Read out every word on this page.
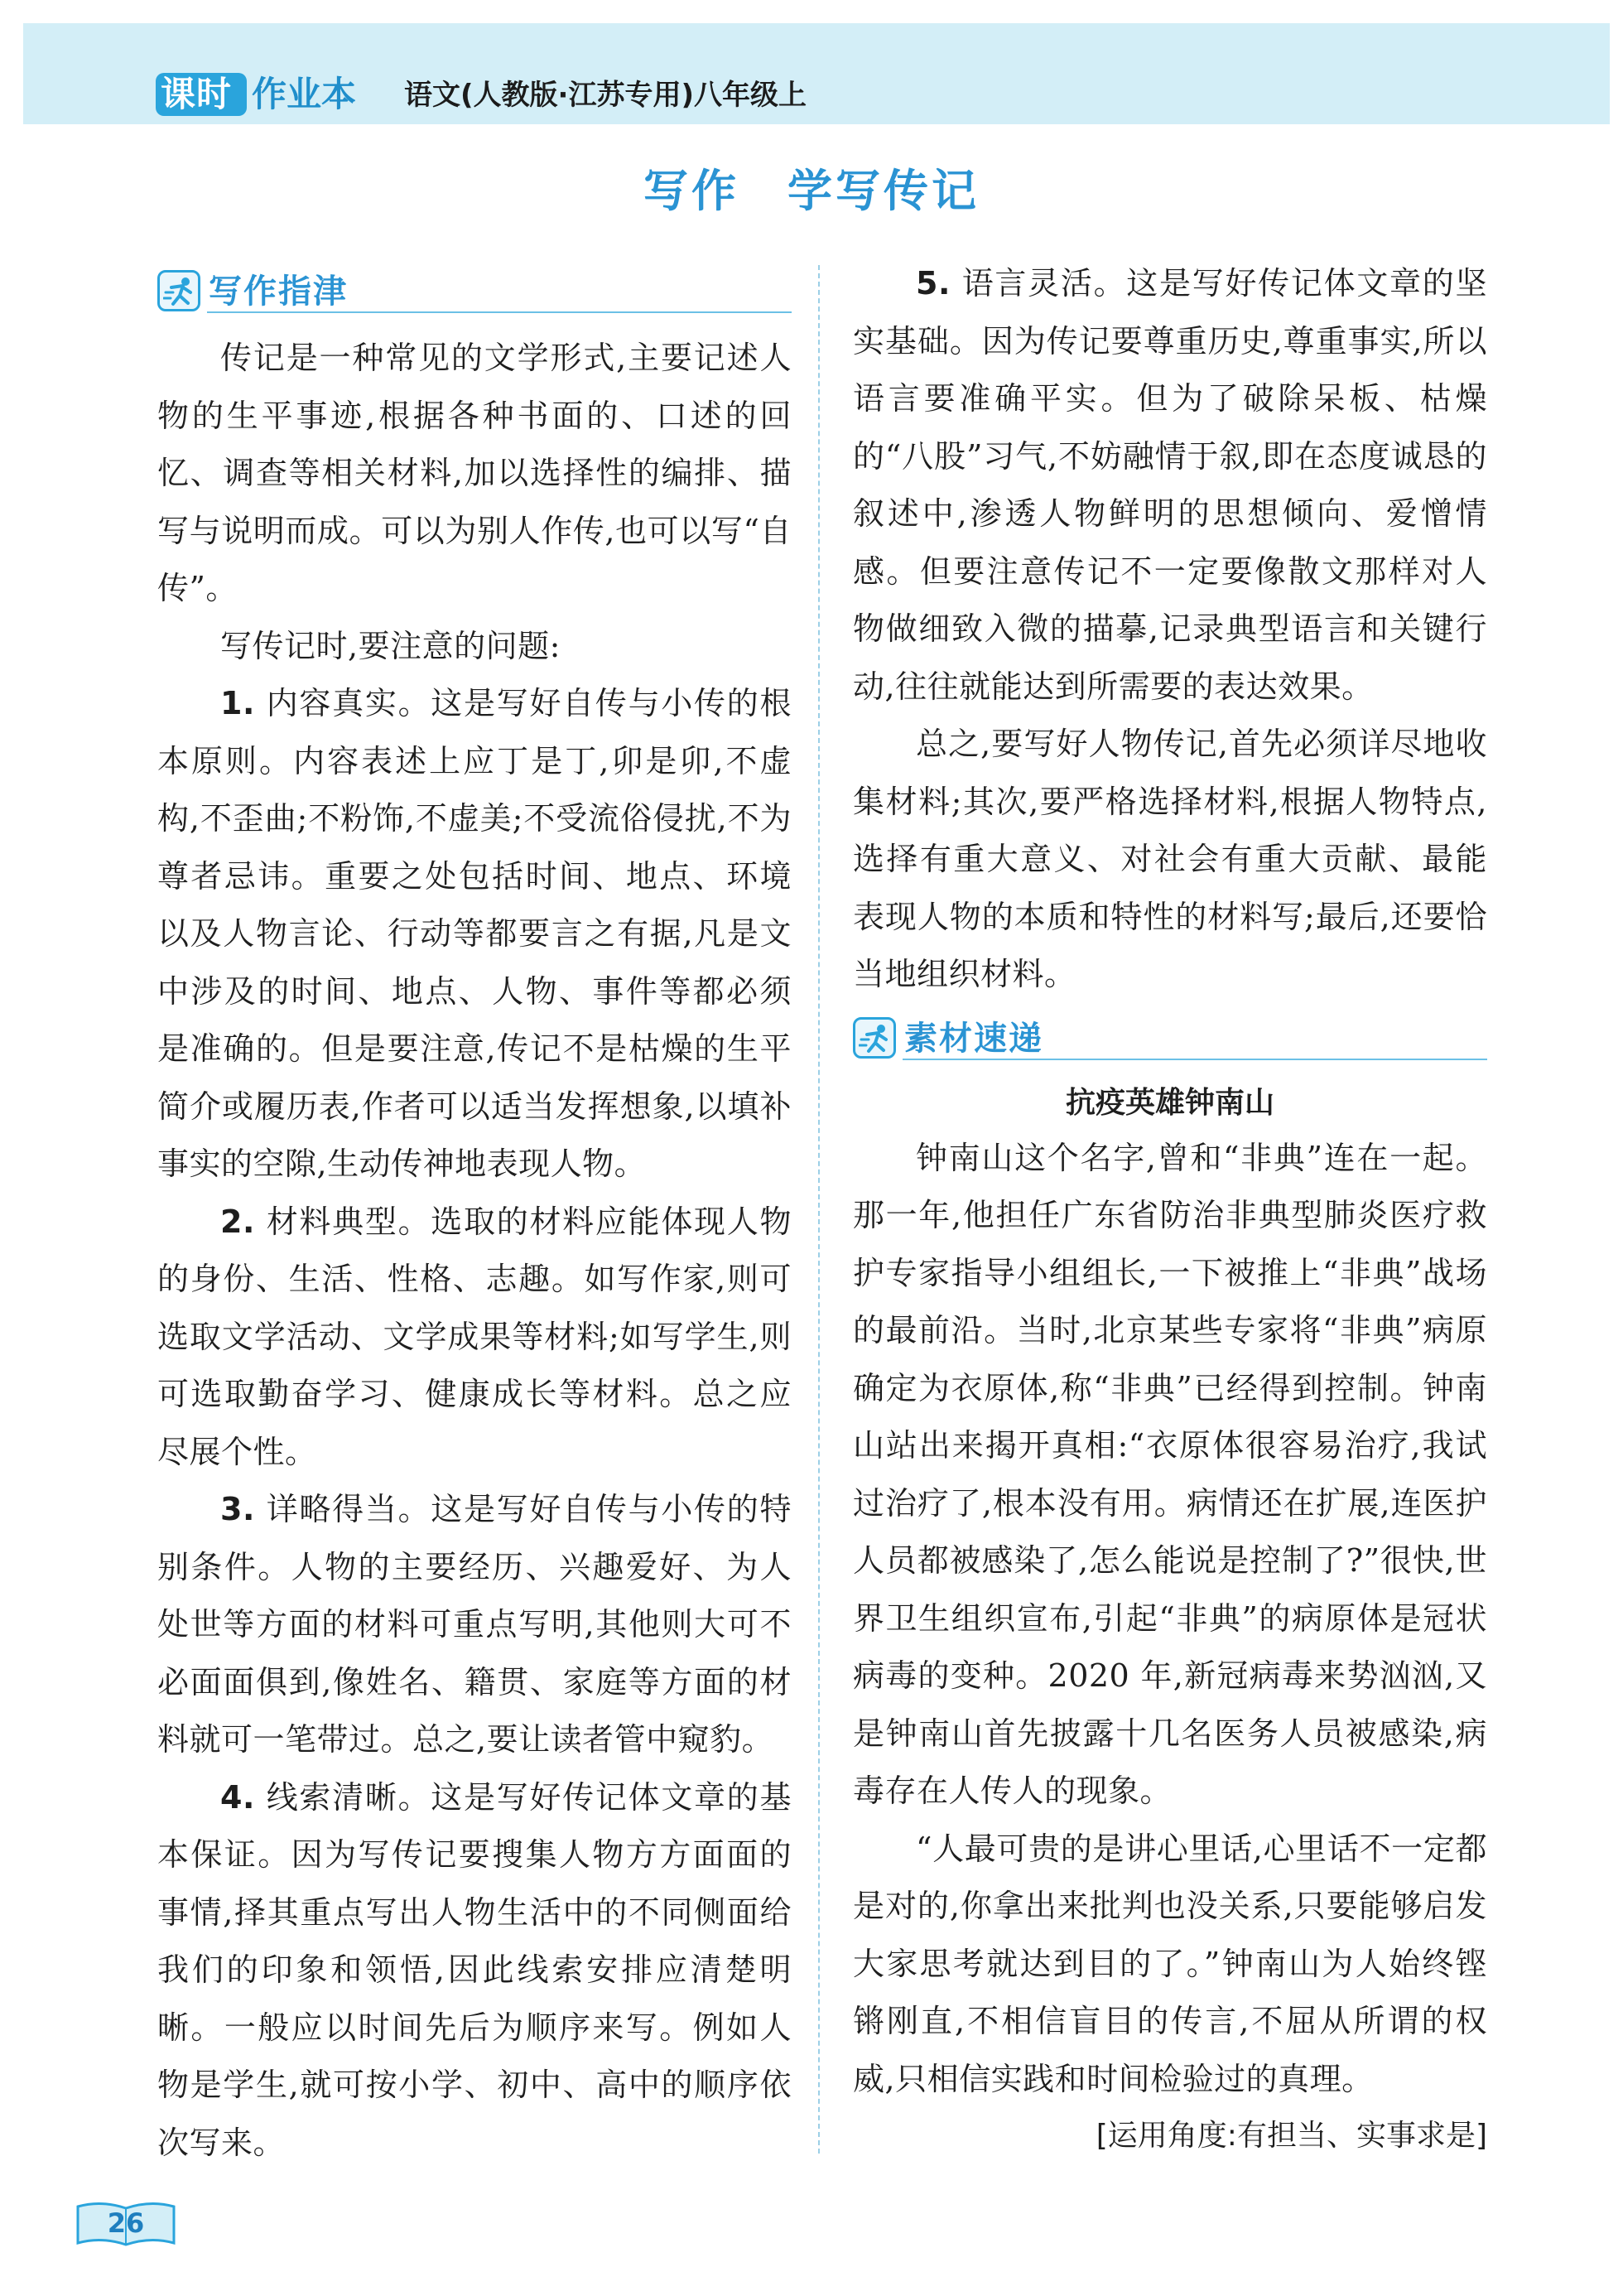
课时 作业本 语文(人教版·江苏专用)八年级上
写作　学写传记
写作指津

传记是一种常见的文学形式,主要记述人物的生平事迹,根据各种书面的、口述的回忆、调查等相关材料,加以选择性的编排、描写与说明而成。可以为别人作传,也可以写“自传”。

写传记时,要注意的问题:

1. 内容真实。这是写好自传与小传的根本原则。内容表述上应丁是丁,卯是卯,不虚构,不歪曲;不粉饰,不虚美;不受流俗侵扰,不为尊者忌讳。重要之处包括时间、地点、环境以及人物言论、行动等都要言之有据,凡是文中涉及的时间、地点、人物、事件等都必须是准确的。但是要注意,传记不是枯燥的生平简介或履历表,作者可以适当发挥想象,以填补事实的空隙,生动传神地表现人物。

2. 材料典型。选取的材料应能体现人物的身份、生活、性格、志趣。如写作家,则可选取文学活动、文学成果等材料;如写学生,则可选取勤奋学习、健康成长等材料。总之应尽展个性。

3. 详略得当。这是写好自传与小传的特别条件。人物的主要经历、兴趣爱好、为人处世等方面的材料可重点写明,其他则大可不必面面俱到,像姓名、籍贯、家庭等方面的材料就可一笔带过。总之,要让读者管中窥豹。

4. 线索清晰。这是写好传记体文章的基本保证。因为写传记要搜集人物方方面面的事情,择其重点写出人物生活中的不同侧面给我们的印象和领悟,因此线索安排应清楚明晰。一般应以时间先后为顺序来写。例如人物是学生,就可按小学、初中、高中的顺序依次写来。

5. 语言灵活。这是写好传记体文章的坚实基础。因为传记要尊重历史,尊重事实,所以语言要准确平实。但为了破除呆板、枯燥的“八股”习气,不妨融情于叙,即在态度诚恳的叙述中,渗透人物鲜明的思想倾向、爱憎情感。但要注意传记不一定要像散文那样对人物做细致入微的描摹,记录典型语言和关键行动,往往就能达到所需要的表达效果。

总之,要写好人物传记,首先必须详尽地收集材料;其次,要严格选择材料,根据人物特点,选择有重大意义、对社会有重大贡献、最能表现人物的本质和特性的材料写;最后,还要恰当地组织材料。

素材速递
抗疫英雄钟南山

钟南山这个名字,曾和“非典”连在一起。那一年,他担任广东省防治非典型肺炎医疗救护专家指导小组组长,一下被推上“非典”战场的最前沿。当时,北京某些专家将“非典”病原确定为衣原体,称“非典”已经得到控制。钟南山站出来揭开真相:“衣原体很容易治疗,我试过治疗了,根本没有用。病情还在扩展,连医护人员都被感染了,怎么能说是控制了?”很快,世界卫生组织宣布,引起“非典”的病原体是冠状病毒的变种。2020 年,新冠病毒来势汹汹,又是钟南山首先披露十几名医务人员被感染,病毒存在人传人的现象。

“人最可贵的是讲心里话,心里话不一定都是对的,你拿出来批判也没关系,只要能够启发大家思考就达到目的了。”钟南山为人始终铿锵刚直,不相信盲目的传言,不屈从所谓的权威,只相信实践和时间检验过的真理。

[运用角度:有担当、实事求是]
26
